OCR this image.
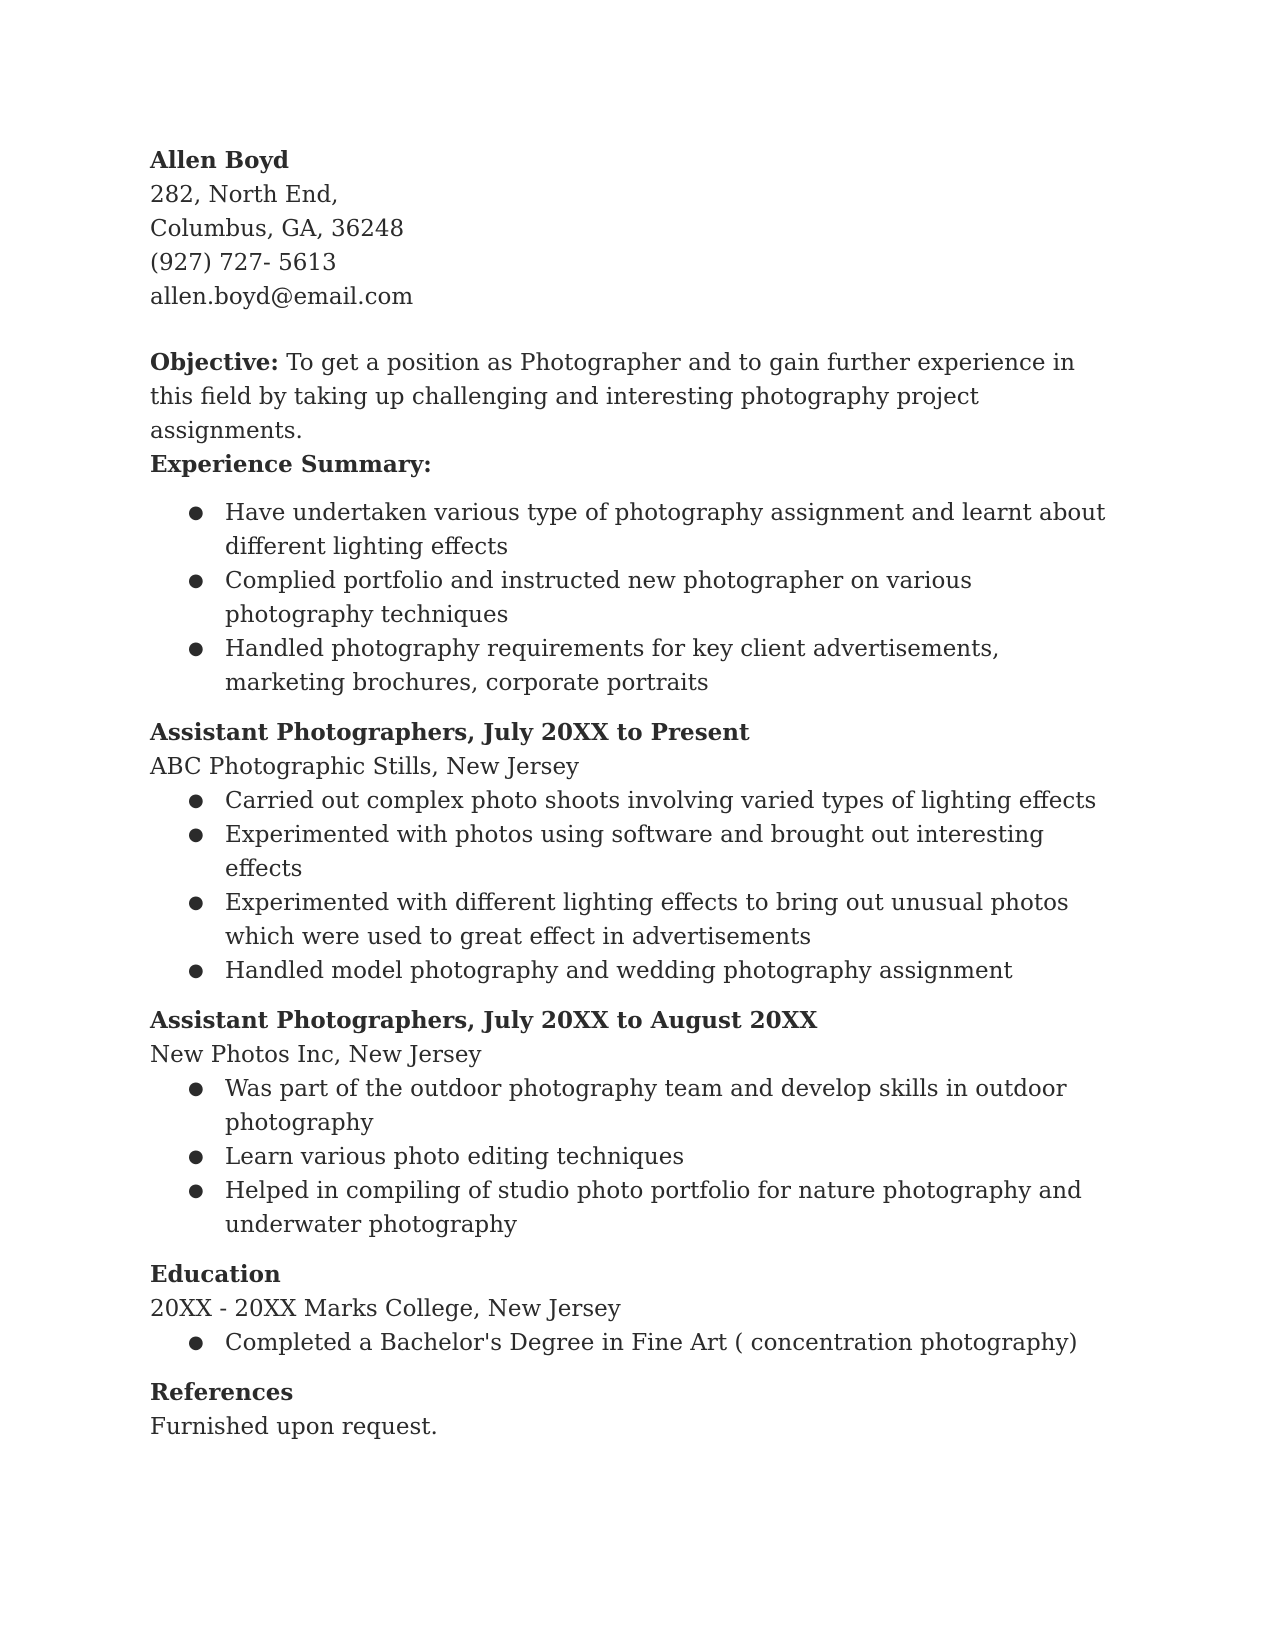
Allen Boyd

282, North End,

Columbus, GA, 36248

(927) 727- 5613

allen.boyd@email.com

Objective: To get a position as Photographer and to gain further experience in this field by taking up challenging and interesting photography project assignments.

Experience Summary:

● Have undertaken various type of photography assignment and learnt about different lighting effects
● Complied portfolio and instructed new photographer on various photography techniques
● Handled photography requirements for key client advertisements, marketing brochures, corporate portraits

Assistant Photographers, July 20XX to Present

ABC Photographic Stills, New Jersey

● Carried out complex photo shoots involving varied types of lighting effects
● Experimented with photos using software and brought out interesting effects
● Experimented with different lighting effects to bring out unusual photos which were used to great effect in advertisements
● Handled model photography and wedding photography assignment

Assistant Photographers, July 20XX to August 20XX

New Photos Inc, New Jersey

● Was part of the outdoor photography team and develop skills in outdoor photography
● Learn various photo editing techniques
● Helped in compiling of studio photo portfolio for nature photography and underwater photography

Education

20XX - 20XX Marks College, New Jersey

● Completed a Bachelor's Degree in Fine Art ( concentration photography)

References

Furnished upon request.
